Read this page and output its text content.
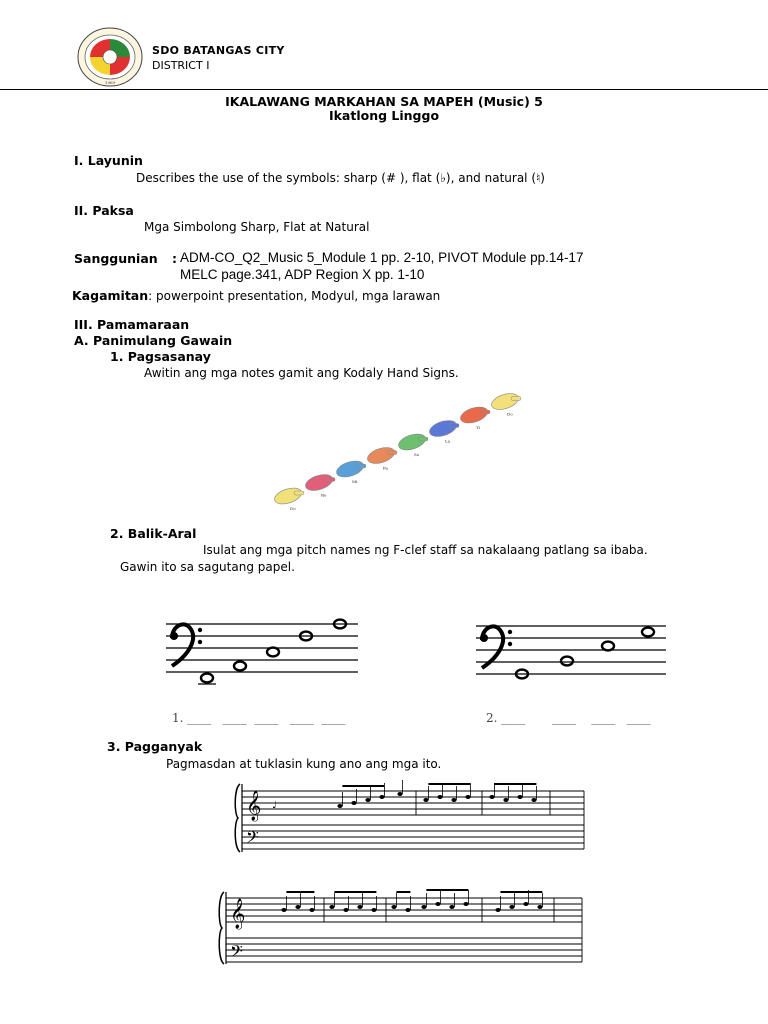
1969
SDO BATANGAS CITY
DISTRICT I
IKALAWANG MARKAHAN SA MAPEH (Music) 5
Ikatlong Linggo
I. Layunin
Describes the use of the symbols: sharp (# ), flat (♭), and natural (♮)
II. Paksa
Mga Simbolong Sharp, Flat at Natural
Sanggunian : ADM-CO_Q2_Music 5_Module 1 pp. 2-10, PIVOT Module pp.14-17
MELC page.341, ADP Region X pp. 1-10
Kagamitan: powerpoint presentation, Modyul, mga larawan
III. Pamamaraan
A. Panimulang Gawain
1. Pagsasanay
Awitin ang mga notes gamit ang Kodaly Hand Signs.
Do
Re
Mi
Fa
So
La
Ti
Do
2. Balik-Aral
Isulat ang mga pitch names ng F-clef staff sa nakalaang patlang sa ibaba.
Gawin ito sa sagutang papel.
1. ____   ____  ____   ____  ____	2. ____       ____    ____   ____
3. Pagganyak
Pagmasdan at tuklasin kung ano ang mga ito.
𝄞
𝄢
♩
𝄞
𝄢
